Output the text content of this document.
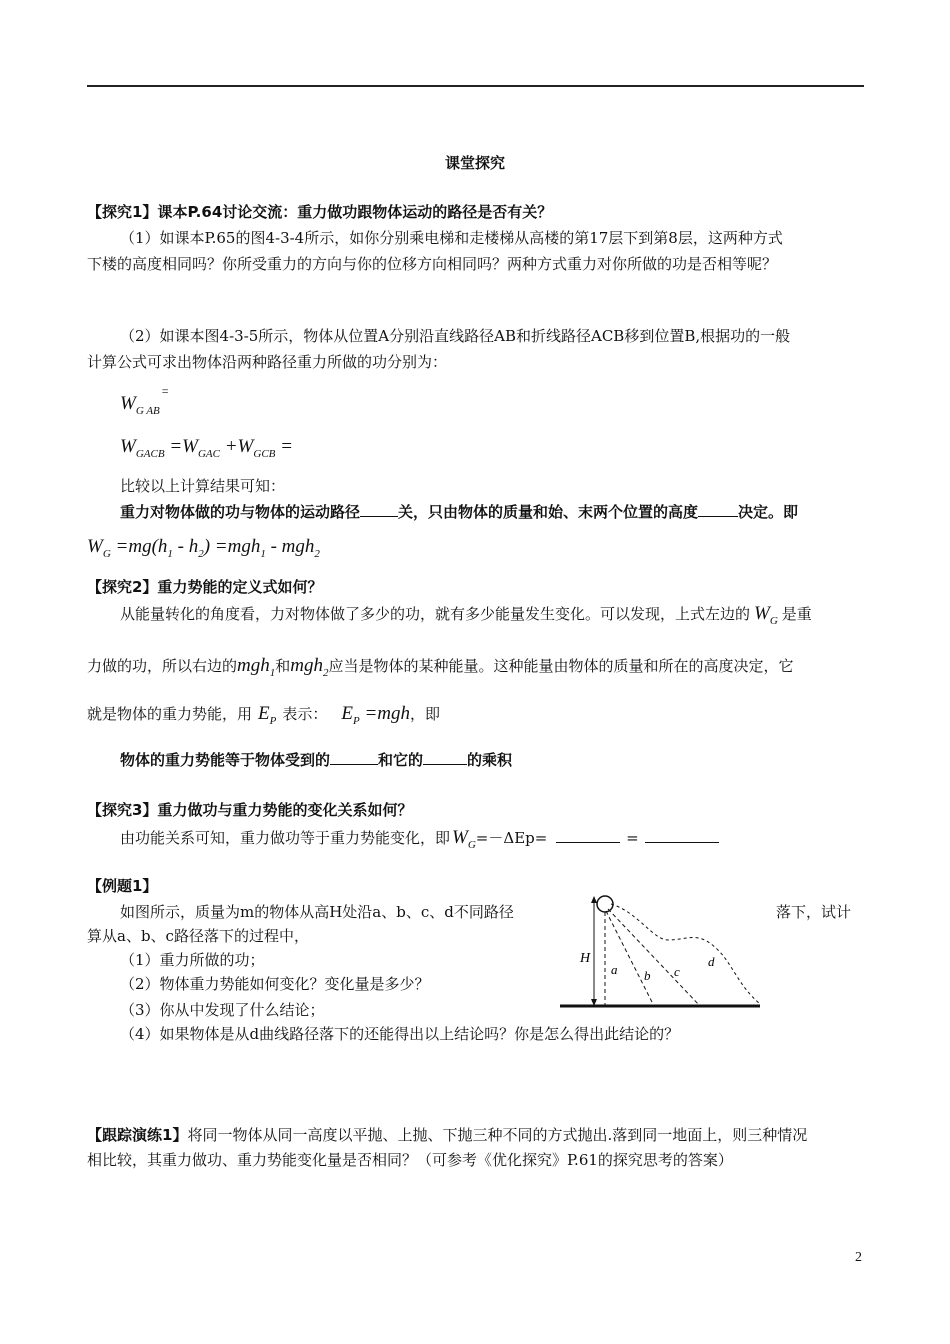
课堂探究
【探究1】课本P.64讨论交流：重力做功跟物体运动的路径是否有关？
（1）如课本P.65的图4-3-4所示，如你分别乘电梯和走楼梯从高楼的第17层下到第8层，这两种方式
下楼的高度相同吗？你所受重力的方向与你的位移方向相同吗？两种方式重力对你所做的功是否相等呢？
（2）如课本图4-3-5所示，物体从位置A分别沿直线路径AB和折线路径ACB移到位置B,根据功的一般
计算公式可求出物体沿两种路径重力所做的功分别为：
$W_{G AB}^=$
$W_{GACB} =W_{GAC} +W_{GCB}$ =
比较以上计算结果可知：
重力对物体做的功与物体的运动路径	关，只由物体的质量和始、末两个位置的高度	决定。即
$W_G =mg(h_1 - h_2) =mgh_1 - mgh_2$
【探究2】重力势能的定义式如何？
从能量转化的角度看，力对物体做了多少的功，就有多少能量发生变化。可以发现，上式左边的 $W_G$ 是重
力做的功，所以右边的mgh$_1$和mgh$_2$应当是物体的某种能量。这种能量由物体的质量和所在的高度决定，它
就是物体的重力势能，用 $E_P$ 表示： $E_P =mgh$，即
物体的重力势能等于物体受到的	和它的	的乘积
【探究3】重力做功与重力势能的变化关系如何？
由功能关系可知，重力做功等于重力势能变化，即 $W_G=-\Delta Ep=$	=
【例题1】
如图所示，质量为m的物体从高H处沿a、b、c、d不同路径	落下，试计
算从a、b、c路径落下的过程中，
（1）重力所做的功；
（2）物体重力势能如何变化？变化量是多少？
（3）你从中发现了什么结论；
（4）如果物体是从d曲线路径落下的还能得出以上结论吗？你是怎么得出此结论的？
H
a b c
d
【跟踪演练1】将同一物体从同一高度以平抛、上抛、下抛三种不同的方式抛出.落到同一地面上，则三种情况
相比较，其重力做功、重力势能变化量是否相同？（可参考《优化探究》P.61的探究思考的答案）
2
